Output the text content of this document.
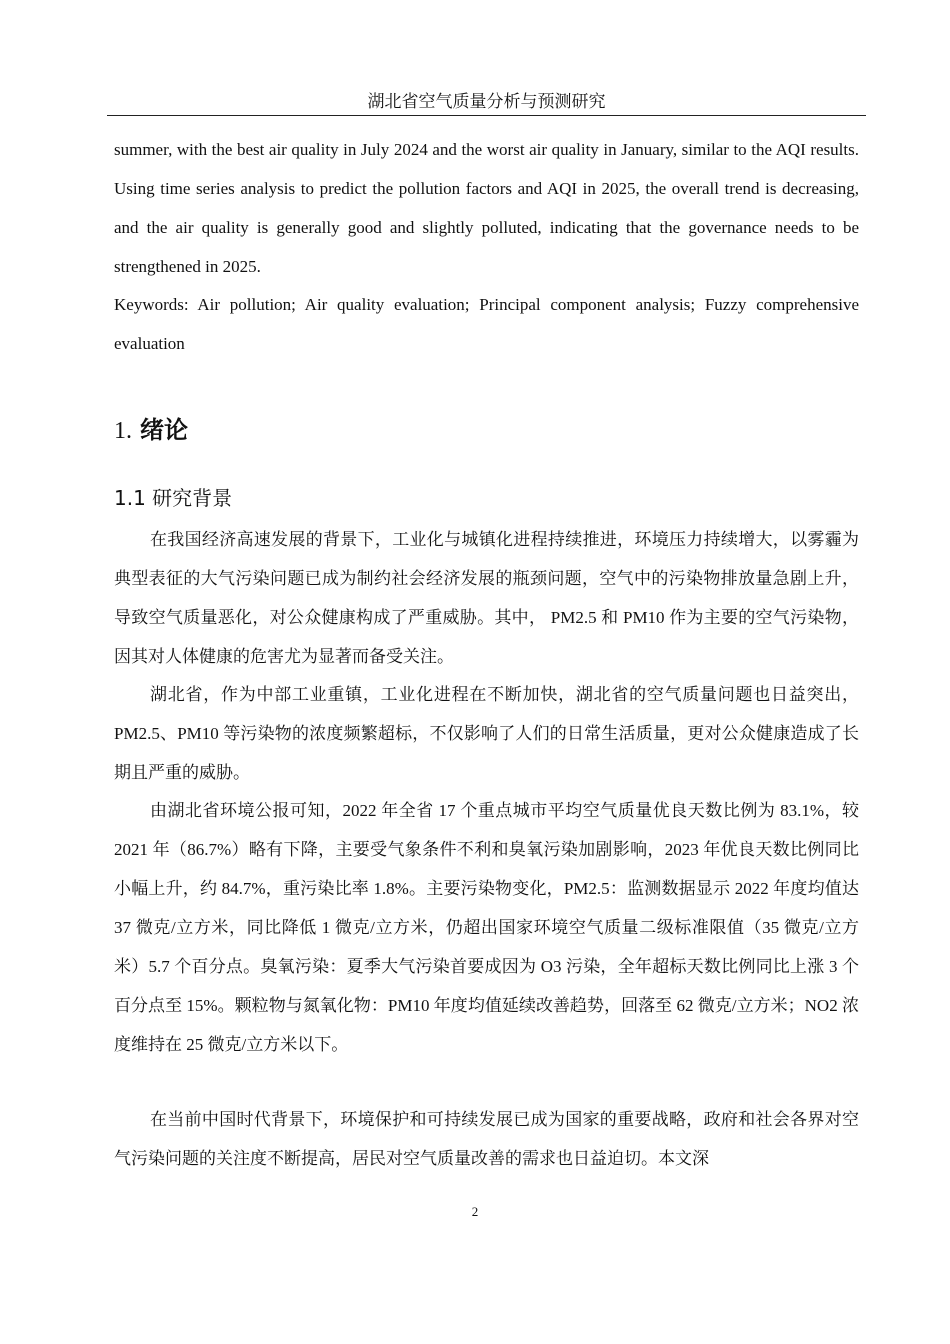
湖北省空气质量分析与预测研究

summer, with the best air quality in July 2024 and the worst air quality in January, similar to the AQI results. Using time series analysis to predict the pollution factors and AQI in 2025, the overall trend is decreasing, and the air quality is generally good and slightly polluted, indicating that the governance needs to be strengthened in 2025.

Keywords: Air pollution; Air quality evaluation; Principal component analysis; Fuzzy comprehensive evaluation

1. 绪论
1.1 研究背景

在我国经济高速发展的背景下，工业化与城镇化进程持续推进，环境压力持续增大，以雾霾为典型表征的大气污染问题已成为制约社会经济发展的瓶颈问题，空气中的污染物排放量急剧上升，导致空气质量恶化，对公众健康构成了严重威胁。其中， PM2.5 和 PM10 作为主要的空气污染物，因其对人体健康的危害尤为显著而备受关注。

湖北省，作为中部工业重镇，工业化进程在不断加快，湖北省的空气质量问题也日益突出，PM2.5、PM10 等污染物的浓度频繁超标，不仅影响了人们的日常生活质量，更对公众健康造成了长期且严重的威胁。

由湖北省环境公报可知，2022 年全省 17 个重点城市平均空气质量优良天数比例为 83.1%，较 2021 年（86.7%）略有下降，主要受气象条件不利和臭氧污染加剧影响，2023 年优良天数比例同比小幅上升，约 84.7%，重污染比率 1.8%。主要污染物变化，PM2.5：监测数据显示 2022 年度均值达 37 微克/立方米，同比降低 1 微克/立方米，仍超出国家环境空气质量二级标准限值（35 微克/立方米）5.7 个百分点。臭氧污染：夏季大气污染首要成因为 O3 污染，全年超标天数比例同比上涨 3 个百分点至 15%。颗粒物与氮氧化物：PM10 年度均值延续改善趋势，回落至 62 微克/立方米；NO2 浓度维持在 25 微克/立方米以下。

在当前中国时代背景下，环境保护和可持续发展已成为国家的重要战略，政府和社会各界对空气污染问题的关注度不断提高，居民对空气质量改善的需求也日益迫切。本文深

2
